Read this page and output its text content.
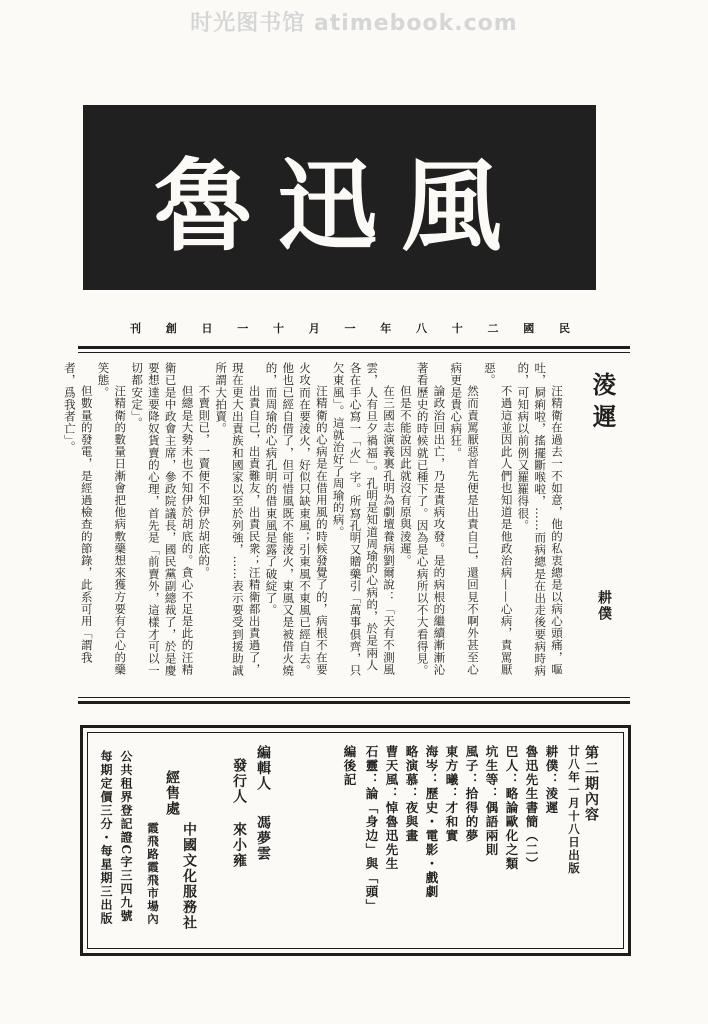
时光图书馆 atimebook.com
魯迅風
刊 創 日 一 十 月 一 年 八 十 二 國 民
淩遲
耕僕

汪精衛在過去一不如意，他的私衷總是以病心頭痛，嘔吐，屙痢啦，搖擺斷喉啦，……而病總是在出走後要病時病的，可知病以前例又羅羅得很。

不過這並因此人們也知道是他政治病——心病，責罵厭惡。

然而責罵厭惡首先便是出責自己，還回見不啊外甚至心病更是貴心病狂。

論政治回出亡，乃是責病攻發。是的病根的繼續漸漸沁著看歷史的時候就已種下了。因為是心病所以不大看得見。

但是不能說因此就沒有原與淩遲。

在三國志演義裏孔明為劇壇養病劉爾說：「天有不測風雲，人有旦夕禍福」。孔明是知道周瑜的心病的，於是兩人各在手心寫一「火」字。所寫孔明又贈藥引「萬事俱齊，只欠東風」。這就治好了周瑜的病。

汪精衛的心病是在借用風的時候發覺了的，病根不在要火攻而在要淩火，好似只缺東風；引東風不東風已經自去。他也已經自借了，但可惜風既不能淩火，東風又是被借火燒的，而周瑜的心病孔明的借東風是露了破綻了。

出責自己，出責難友，出責民衆；汪精衛都出責過了，現在更大出責族和國家以至於列強，……表示要受到援助誠所謂大拍賣。

不賣則已，一賣便不知伊於胡底的。

但總是大勢未也不知伊於胡底的。貪心不足是此的汪精衛已是中政會主席，參政院議長，國民黨副總裁了，於是慶要想達要降奴貨賣的心理，首先是「前賣外，這樣才可以一切都安定」。

汪精衛的數量日漸會把他病敷藥想來獲方要有合心的藥笑態。

但數量的發電，是經過檢查的節錄，此系可用「謂我者，爲我者亡」。

第二期內容
廿八年一月十八日出版
耕僕：淩遲
魯迅先生書簡（二）
巴人：略論歐化之類
坑生等：偶語兩則
風子：拾得的夢
東方曦：才和實
海岑：歷史・電影・戲劇
略演慕：夜與畫
曹天風：悼魯迅先生
石靈：論「身边」與「頭」
編後記
編輯人
馮夢雲
發行人
來小雍
經售處
中國文化服務社
霞飛路霞飛市場內
公共租界登記證C字三四九號
每期定價三分・每星期三出版
